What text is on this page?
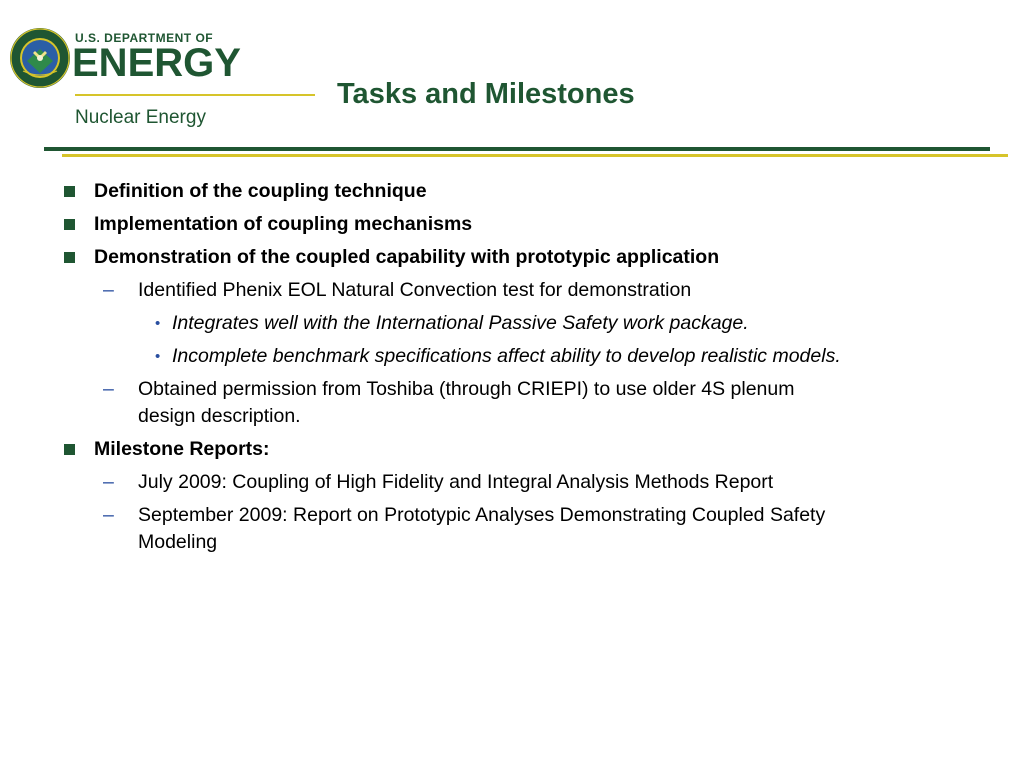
U.S. DEPARTMENT OF
ENERGY
Nuclear Energy
Tasks and Milestones
Definition of the coupling technique
Implementation of coupling mechanisms
Demonstration of the coupled capability with prototypic application
– Identified Phenix EOL Natural Convection test for demonstration
• Integrates well with the International Passive Safety work package.
• Incomplete benchmark specifications affect ability to develop realistic models.
– Obtained permission from Toshiba (through CRIEPI) to use older 4S plenum
design description.
Milestone Reports:
– July 2009: Coupling of High Fidelity and Integral Analysis Methods Report
– September 2009: Report on Prototypic Analyses Demonstrating Coupled Safety
Modeling
